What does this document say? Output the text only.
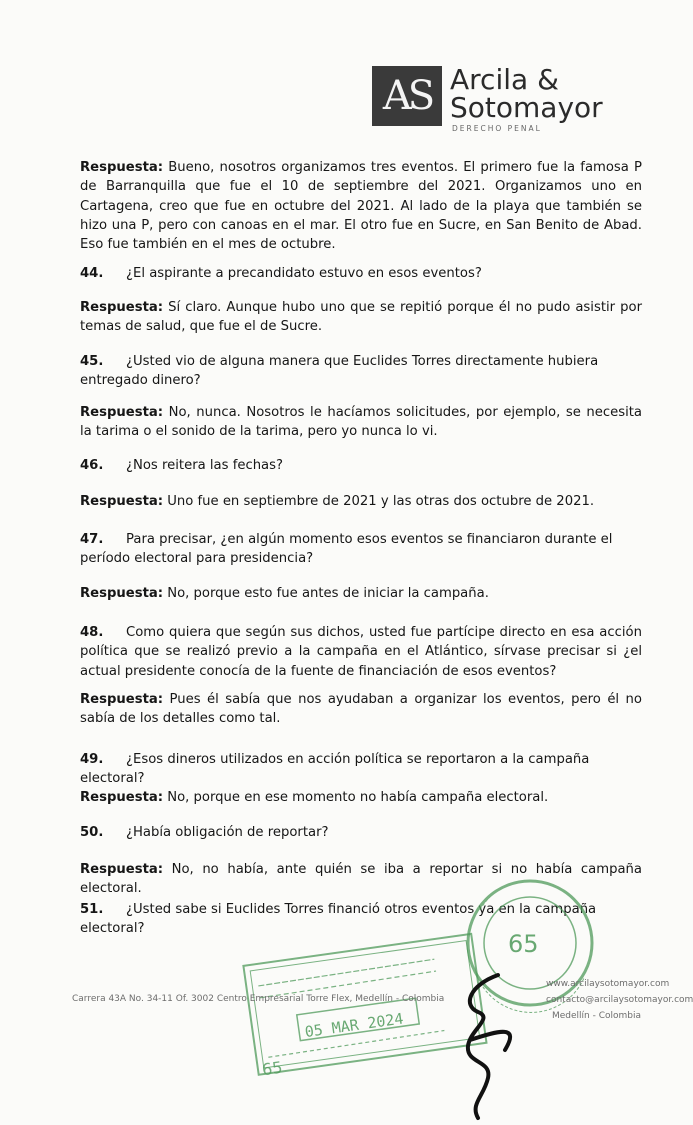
AS Arcila &
Sotomayor
DERECHO PENAL
Respuesta: Bueno, nosotros organizamos tres eventos. El primero fue la famosa P de Barranquilla que fue el 10 de septiembre del 2021. Organizamos uno en Cartagena, creo que fue en octubre del 2021. Al lado de la playa que también se hizo una P, pero con canoas en el mar. El otro fue en Sucre, en San Benito de Abad. Eso fue también en el mes de octubre.
44.	¿El aspirante a precandidato estuvo en esos eventos?
Respuesta: Sí claro. Aunque hubo uno que se repitió porque él no pudo asistir por temas de salud, que fue el de Sucre.
45.	¿Usted vio de alguna manera que Euclides Torres directamente hubiera entregado dinero?
Respuesta: No, nunca. Nosotros le hacíamos solicitudes, por ejemplo, se necesita la tarima o el sonido de la tarima, pero yo nunca lo vi.
46.	¿Nos reitera las fechas?
Respuesta: Uno fue en septiembre de 2021 y las otras dos octubre de 2021.
47.	Para precisar, ¿en algún momento esos eventos se financiaron durante el período electoral para presidencia?
Respuesta: No, porque esto fue antes de iniciar la campaña.
48.	Como quiera que según sus dichos, usted fue partícipe directo en esa acción política que se realizó previo a la campaña en el Atlántico, sírvase precisar si ¿el actual presidente conocía de la fuente de financiación de esos eventos?
Respuesta: Pues él sabía que nos ayudaban a organizar los eventos, pero él no sabía de los detalles como tal.
49.	¿Esos dineros utilizados en acción política se reportaron a la campaña electoral?
Respuesta: No, porque en ese momento no había campaña electoral.
50.	¿Había obligación de reportar?
Respuesta: No, no había, ante quién se iba a reportar si no había campaña electoral.
51.	¿Usted sabe si Euclides Torres financió otros eventos ya en la campaña electoral?
05 MAR 2024
65
65
Carrera 43A No. 34-11 Of. 3002 Centro Empresarial Torre Flex, Medellín - Colombia
www.arcilaysotomayor.com
contacto@arcilaysotomayor.com
Medellín - Colombia
